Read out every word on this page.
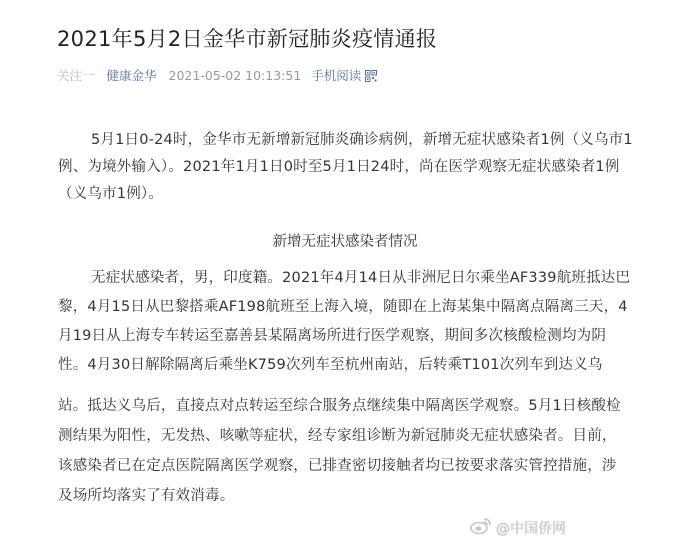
2021年5月2日金华市新冠肺炎疫情通报
关注一 健康金华 2021-05-02 10:13:51 手机阅读
5月1日0-24时，金华市无新增新冠肺炎确诊病例，新增无症状感染者1例（义乌市1
例、为境外输入）。2021年1月1日0时至5月1日24时，尚在医学观察无症状感染者1例
（义乌市1例）。
新增无症状感染者情况
无症状感染者，男，印度籍。2021年4月14日从非洲尼日尔乘坐AF339航班抵达巴
黎，4月15日从巴黎搭乘AF198航班至上海入境，随即在上海某集中隔离点隔离三天，4
月19日从上海专车转运至嘉善县某隔离场所进行医学观察，期间多次核酸检测均为阴
性。4月30日解除隔离后乘坐K759次列车至杭州南站，后转乘T101次列车到达义乌
站。抵达义乌后，直接点对点转运至综合服务点继续集中隔离医学观察。5月1日核酸检
测结果为阳性，无发热、咳嗽等症状，经专家组诊断为新冠肺炎无症状感染者。目前，
该感染者已在定点医院隔离医学观察，已排查密切接触者均已按要求落实管控措施，涉
及场所均落实了有效消毒。
@中国侨网
